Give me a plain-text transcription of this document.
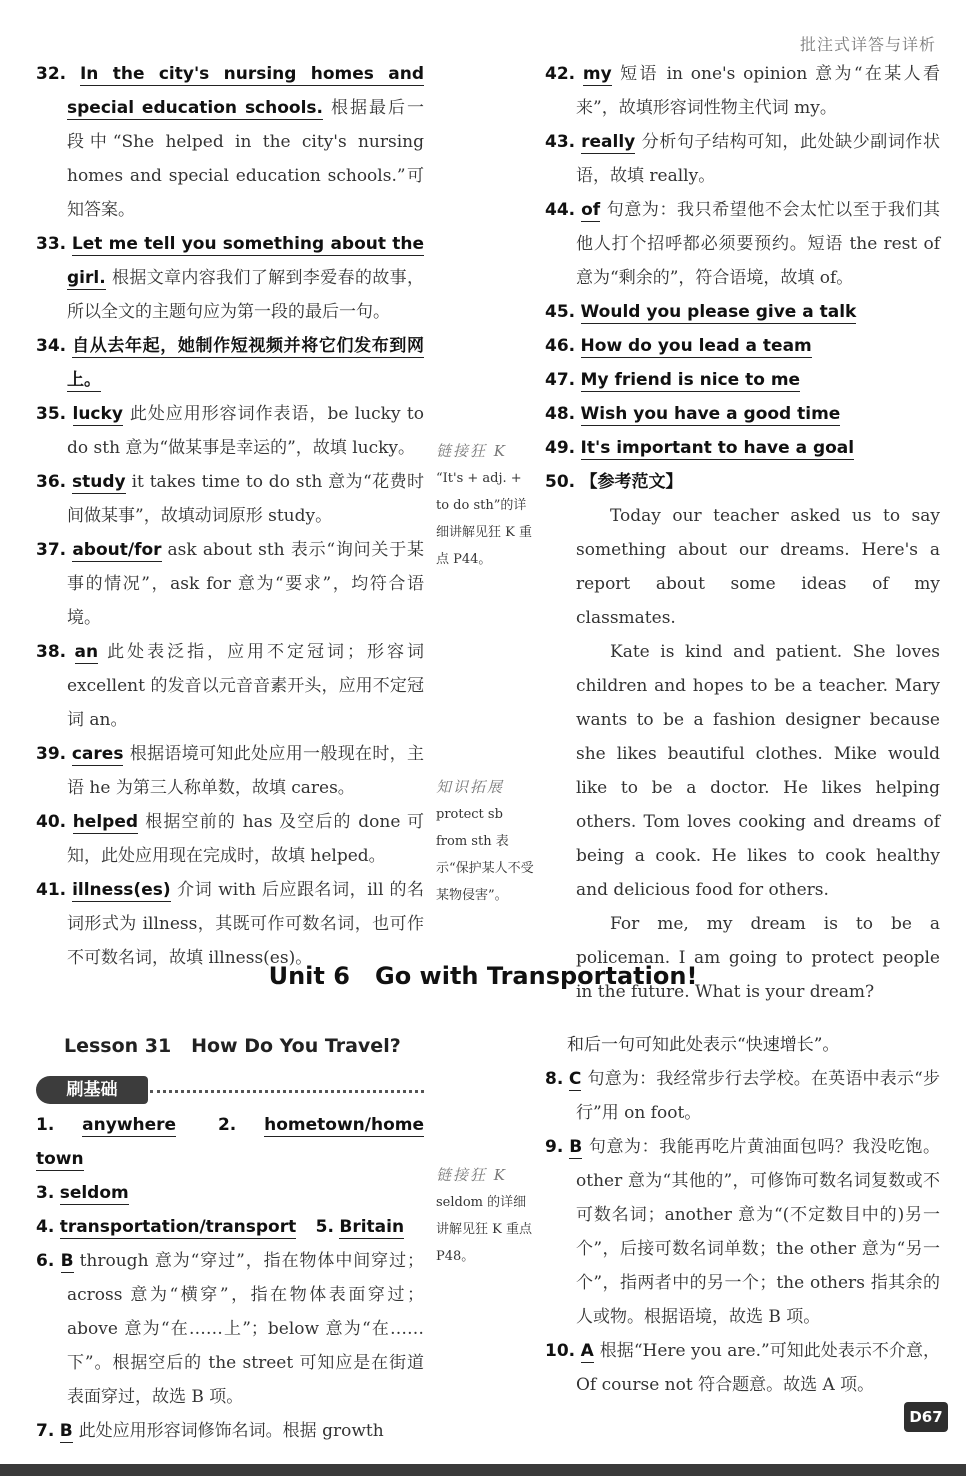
批注式详答与详析
32. In the city's nursing homes and special education schools. 根据最后一段中“She helped in the city's nursing homes and special education schools.”可知答案。
33. Let me tell you something about the girl. 根据文章内容我们了解到李爱春的故事，所以全文的主题句应为第一段的最后一句。
34. 自从去年起，她制作短视频并将它们发布到网上。
35. lucky 此处应用形容词作表语，be lucky to do sth 意为“做某事是幸运的”，故填 lucky。
36. study it takes time to do sth 意为“花费时间做某事”，故填动词原形 study。
37. about/for ask about sth 表示“询问关于某事的情况”，ask for 意为“要求”，均符合语境。
38. an 此处表泛指，应用不定冠词；形容词 excellent 的发音以元音音素开头，应用不定冠词 an。
39. cares 根据语境可知此处应用一般现在时，主语 he 为第三人称单数，故填 cares。
40. helped 根据空前的 has 及空后的 done 可知，此处应用现在完成时，故填 helped。
41. illness(es) 介词 with 后应跟名词，ill 的名词形式为 illness，其既可作可数名词，也可作不可数名词，故填 illness(es)。
42. my 短语 in one's opinion 意为“在某人看来”，故填形容词性物主代词 my。
43. really 分析句子结构可知，此处缺少副词作状语，故填 really。
44. of 句意为：我只希望他不会太忙以至于我们其他人打个招呼都必须要预约。短语 the rest of 意为“剩余的”，符合语境，故填 of。
45. Would you please give a talk
46. How do you lead a team
47. My friend is nice to me
48. Wish you have a good time
49. It's important to have a goal
50. 【参考范文】

Today our teacher asked us to say something about our dreams. Here's a report about some ideas of my classmates.

Kate is kind and patient. She loves children and hopes to be a teacher. Mary wants to be a fashion designer because she likes beautiful clothes. Mike would like to be a doctor. He likes helping others. Tom loves cooking and dreams of being a cook. He likes to cook healthy and delicious food for others.

For me, my dream is to be a policeman. I am going to protect people in the future. What is your dream?

链接狂 K
“It's + adj. + to do sth”的详细讲解见狂 K 重点 P44。
知识拓展
protect sb from sth 表示“保护某人不受某物侵害”。
链接狂 K
seldom 的详细讲解见狂 K 重点 P48。
Unit 6   Go with Transportation!
Lesson 31   How Do You Travel?
刷基础
1. anywhere 2. hometown/home town
3. seldom
4. transportation/transport 5. Britain
6. B through 意为“穿过”，指在物体中间穿过；across 意为“横穿”，指在物体表面穿过；above 意为“在……上”；below 意为“在……下”。根据空后的 the street 可知应是在街道表面穿过，故选 B 项。
7. B 此处应用形容词修饰名词。根据 growth
和后一句可知此处表示“快速增长”。
8. C 句意为：我经常步行去学校。在英语中表示“步行”用 on foot。
9. B 句意为：我能再吃片黄油面包吗？我没吃饱。other 意为“其他的”，可修饰可数名词复数或不可数名词；another 意为“(不定数目中的)另一个”，后接可数名词单数；the other 意为“另一个”，指两者中的另一个；the others 指其余的人或物。根据语境，故选 B 项。
10. A 根据“Here you are.”可知此处表示不介意，Of course not 符合题意。故选 A 项。
D67
